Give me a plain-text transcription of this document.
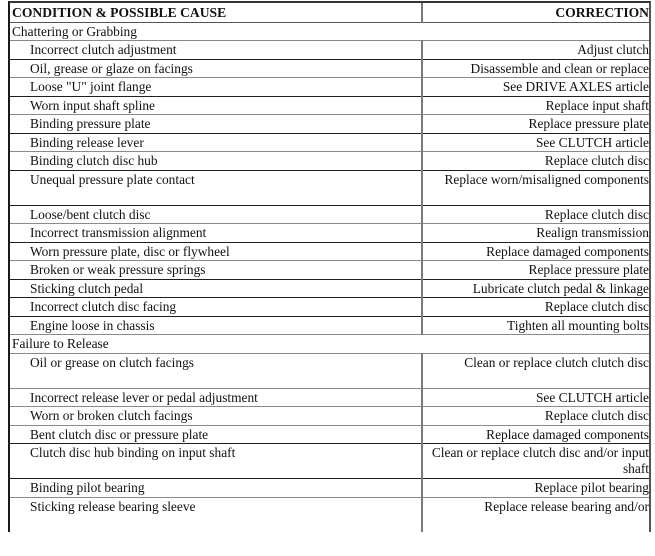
CONDITION & POSSIBLE CAUSE	CORRECTION
Chattering or Grabbing	
Incorrect clutch adjustment	Adjust clutch
Oil, grease or glaze on facings	Disassemble and clean or replace
Loose "U" joint flange	See DRIVE AXLES article
Worn input shaft spline	Replace input shaft
Binding pressure plate	Replace pressure plate
Binding release lever	See CLUTCH article
Binding clutch disc hub	Replace clutch disc
Unequal pressure plate contact	Replace worn/misaligned components
Loose/bent clutch disc	Replace clutch disc
Incorrect transmission alignment	Realign transmission
Worn pressure plate, disc or flywheel	Replace damaged components
Broken or weak pressure springs	Replace pressure plate
Sticking clutch pedal	Lubricate clutch pedal & linkage
Incorrect clutch disc facing	Replace clutch disc
Engine loose in chassis	Tighten all mounting bolts
Failure to Release	
Oil or grease on clutch facings	Clean or replace clutch clutch disc
Incorrect release lever or pedal adjustment	See CLUTCH article
Worn or broken clutch facings	Replace clutch disc
Bent clutch disc or pressure plate	Replace damaged components
Clutch disc hub binding on input shaft	Clean or replace clutch disc and/or input shaft
Binding pilot bearing	Replace pilot bearing
Sticking release bearing sleeve	Replace release bearing and/or
